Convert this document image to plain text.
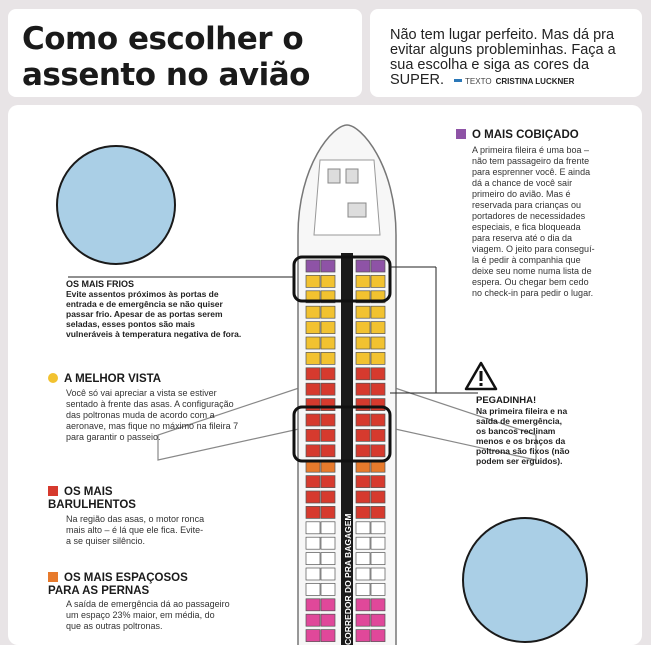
Como escolher o
assento no avião
Não tem lugar perfeito. Mas dá pra evitar alguns probleminhas. Faça a sua escolha e siga as cores da SUPER.	TEXTO CRISTINA LUCKNER
CORREDOR DO PRA BAGAGEM
O MAIS COBIÇADO
A primeira fileira é uma boa – não tem passageiro da frente para esprenner você. E ainda dá a chance de você sair primeiro do avião. Mas é reservada para crianças ou portadores de necessidades especiais, e fica bloqueada para reserva até o dia da viagem. O jeito para conseguí-la é pedir à companhia que deixe seu nome numa lista de espera. Ou chegar bem cedo no check-in para pedir o lugar.
OS MAIS FRIOS
Evite assentos próximos às portas de entrada e de emergência se não quiser passar frio. Apesar de as portas serem seladas, esses pontos são mais vulneráveis à temperatura negativa de fora.
A MELHOR VISTA
Você só vai apreciar a vista se estiver sentado à frente das asas. A configuração das poltronas muda de acordo com a aeronave, mas fique no máximo na fileira 7 para garantir o passeio.
OS MAIS BARULHENTOS
Na região das asas, o motor ronca mais alto – é lá que ele fica. Evite-a se quiser silêncio.
OS MAIS ESPAÇOSOS PARA AS PERNAS
A saída de emergência dá ao passageiro um espaço 23% maior, em média, do que as outras poltronas.
PEGADINHA!
Na primeira fileira e na saída de emergência, os bancos reclinam menos e os braços da poltrona são fixos (não podem ser erguidos).
